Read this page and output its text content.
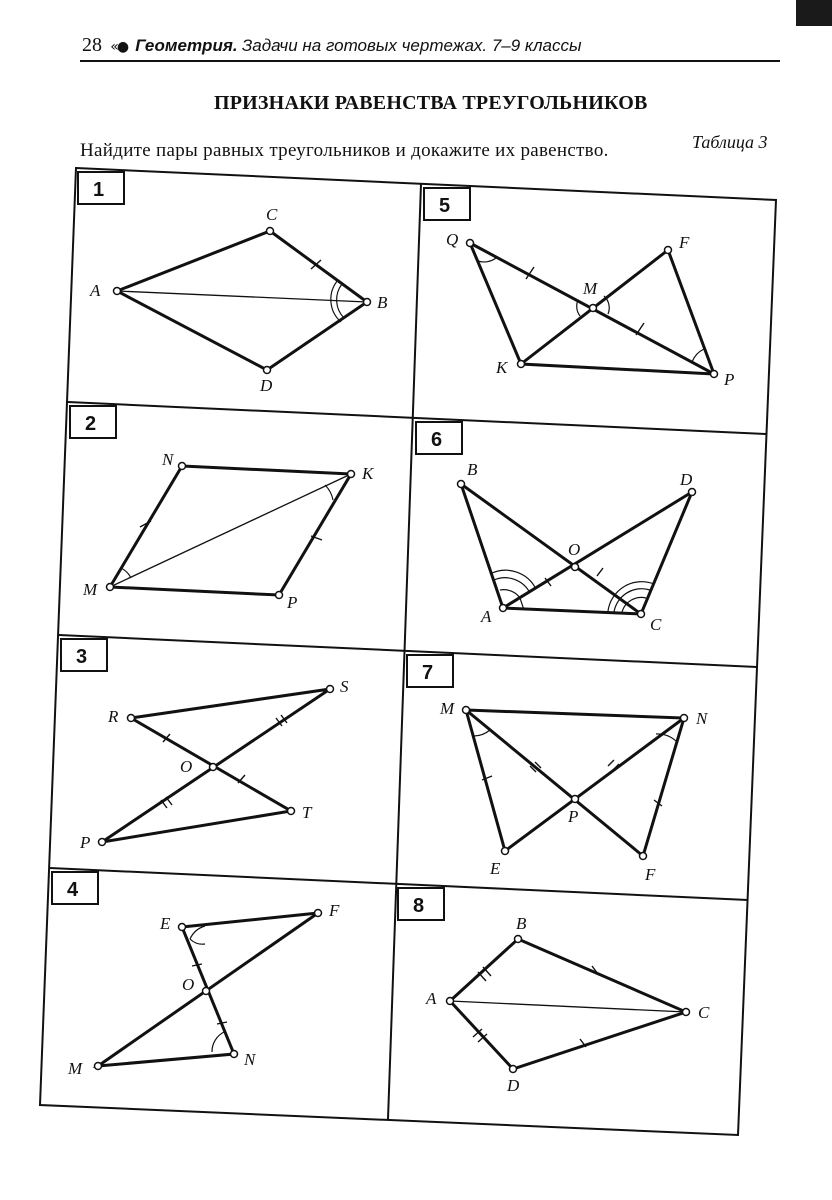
28 «● Геометрия. Задачи на готовых чертежах. 7–9 классы
ПРИЗНАКИ РАВЕНСТВА ТРЕУГОЛЬНИКОВ
Таблица 3
Найдите пары равных треугольников и докажите их равенство.
1
5
2
6
3
7
4
8
A
B
C
D
Q	F
M
K
P
N
K
M
P
B
D
O
A	C
R
S
O
P
T
M
N
P
E	F
E
F
O
M	N
B
A
C
D
